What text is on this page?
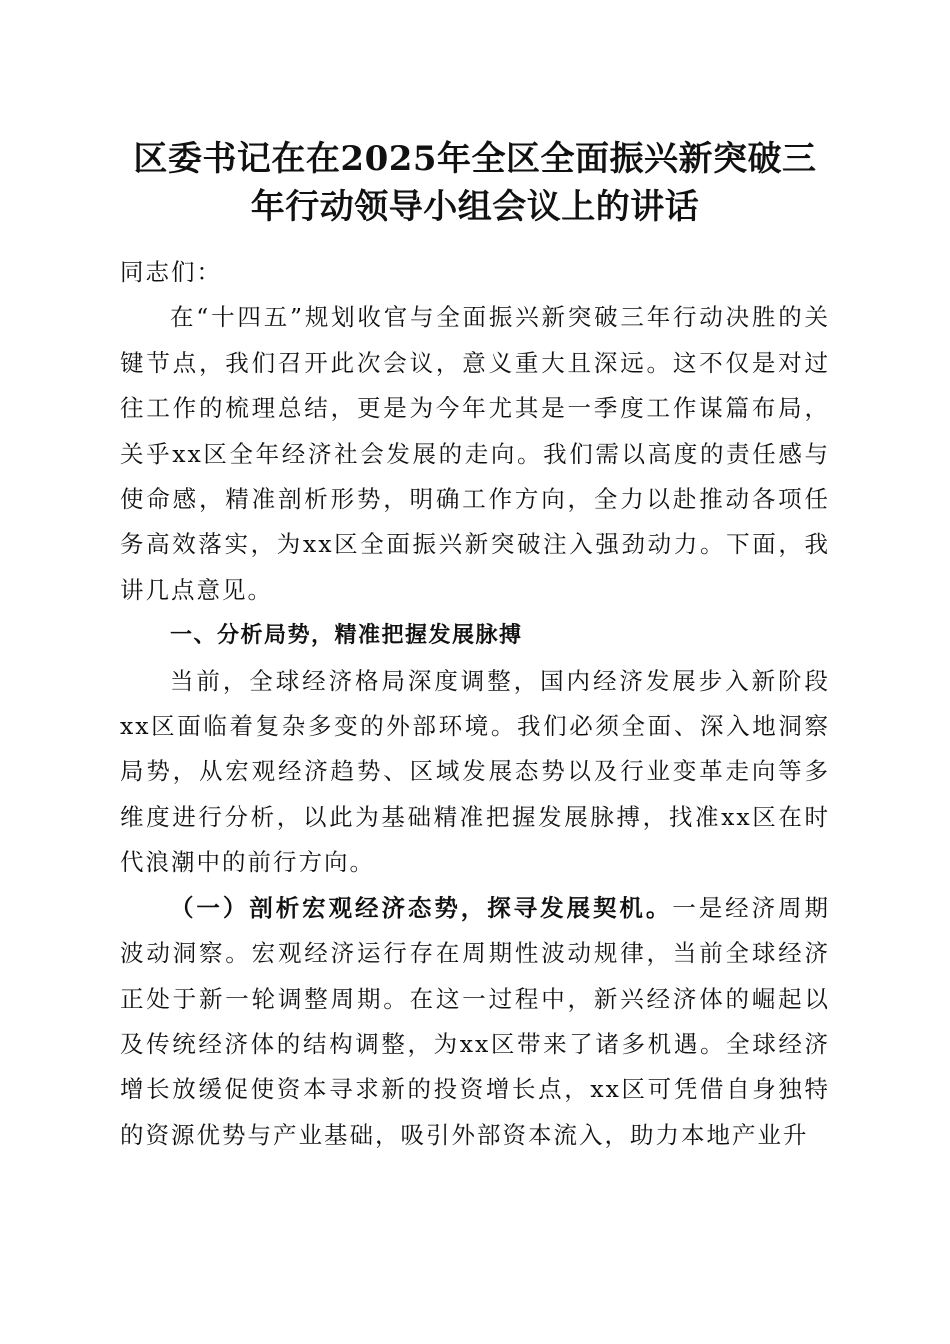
区委书记在在2025年全区全面振兴新突破三
年行动领导小组会议上的讲话

同志们：

在“十四五”规划收官与全面振兴新突破三年行动决胜的关键节点，我们召开此次会议，意义重大且深远。这不仅是对过往工作的梳理总结，更是为今年尤其是一季度工作谋篇布局，关乎xx区全年经济社会发展的走向。我们需以高度的责任感与使命感，精准剖析形势，明确工作方向，全力以赴推动各项任务高效落实，为xx区全面振兴新突破注入强劲动力。下面，我讲几点意见。

一、分析局势，精准把握发展脉搏

当前，全球经济格局深度调整，国内经济发展步入新阶段xx区面临着复杂多变的外部环境。我们必须全面、深入地洞察局势，从宏观经济趋势、区域发展态势以及行业变革走向等多维度进行分析，以此为基础精准把握发展脉搏，找准xx区在时代浪潮中的前行方向。

（一）剖析宏观经济态势，探寻发展契机。一是经济周期波动洞察。宏观经济运行存在周期性波动规律，当前全球经济正处于新一轮调整周期。在这一过程中，新兴经济体的崛起以及传统经济体的结构调整，为xx区带来了诸多机遇。全球经济增长放缓促使资本寻求新的投资增长点，xx区可凭借自身独特的资源优势与产业基础，吸引外部资本流入，助力本地产业升
